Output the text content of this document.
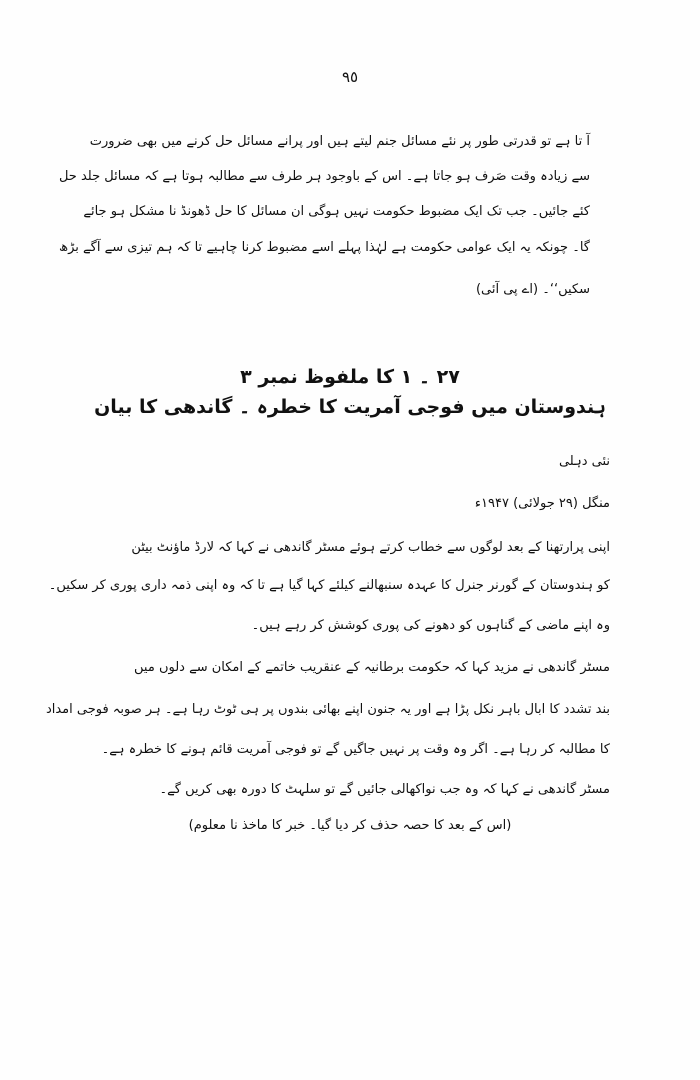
٩٥
آ تا ہے تو قدرتی طور پر نئے مسائل جنم لیتے ہیں اور پرانے مسائل حل کرنے میں بھی ضرورت
سے زیادہ وقت صَرف ہو جاتا ہے۔ اس کے باوجود ہر طرف سے مطالبہ ہوتا ہے کہ مسائل جلد حل
کئے جائیں۔ جب تک ایک مضبوط حکومت نہیں ہوگی ان مسائل کا حل ڈھونڈ نا مشکل ہو جائے
گا۔ چونکہ یہ ایک عوامی حکومت ہے لہٰذا پہلے اسے مضبوط کرنا چاہیے تا کہ ہم تیزی سے آگے بڑھ
سکیں‘‘۔ (اے پی آئی)
۲۷ ۔ ۱ کا ملفوظ نمبر ۳
ہندوستان میں فوجی آمریت کا خطرہ ۔ گاندھی کا بیان
نئی دہلی
منگل (۲۹ جولائی) ۱۹۴۷ء
اپنی پرارتھنا کے بعد لوگوں سے خطاب کرتے ہوئے مسٹر گاندھی نے کہا کہ لارڈ ماؤنٹ بیٹن
کو ہندوستان کے گورنر جنرل کا عہدہ سنبھالنے کیلئے کہا گیا ہے تا کہ وہ اپنی ذمہ داری پوری کر سکیں۔
وہ اپنے ماضی کے گناہوں کو دھونے کی پوری کوشش کر رہے ہیں۔
مسٹر گاندھی نے مزید کہا کہ حکومت برطانیہ کے عنقریب خاتمے کے امکان سے دلوں میں
بند تشدد کا ابال باہر نکل پڑا ہے اور یہ جنون اپنے بھائی بندوں پر ہی ٹوٹ رہا ہے۔ ہر صوبہ فوجی امداد
کا مطالبہ کر رہا ہے۔ اگر وہ وقت پر نہیں جاگیں گے تو فوجی آمریت قائم ہونے کا خطرہ ہے۔
مسٹر گاندھی نے کہا کہ وہ جب نواکھالی جائیں گے تو سلہٹ کا دورہ بھی کریں گے۔
(اس کے بعد کا حصہ حذف کر دیا گیا۔ خبر کا ماخذ نا معلوم)
